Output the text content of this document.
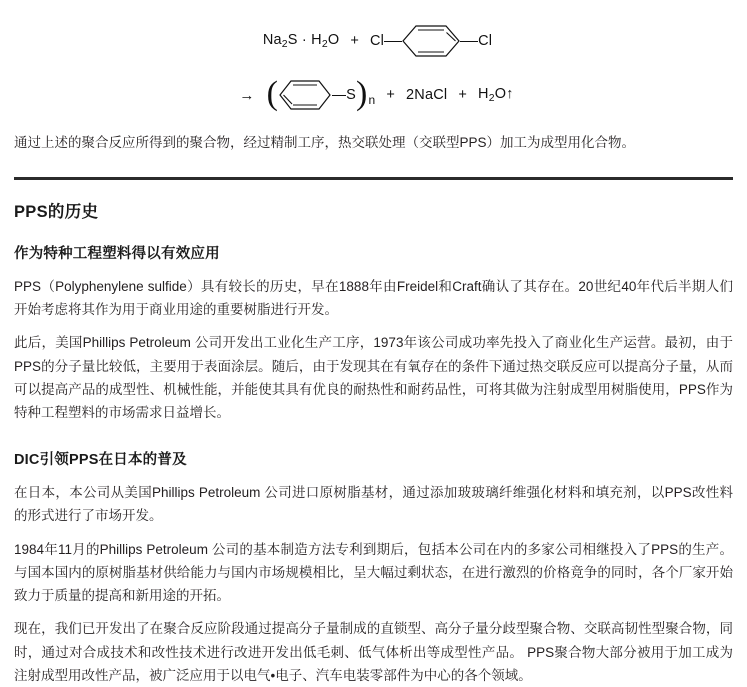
$Na_2S \cdot H_2O + Cl$	Cl
→ (	$S)_n$ + 2NaCl + $H_2O↑$

通过上述的聚合反应所得到的聚合物，经过精制工序，热交联处理（交联型PPS）加工为成型用化合物。

PPS的历史
作为特种工程塑料得以有效应用

PPS（Polyphenylene sulfide）具有较长的历史，早在1888年由Freidel和Craft确认了其存在。20世纪40年代后半期人们开始考虑将其作为用于商业用途的重要树脂进行开发。

此后，美国Phillips Petroleum 公司开发出工业化生产工序，1973年该公司成功率先投入了商业化生产运营。最初，由于PPS的分子量比较低，主要用于表面涂层。随后，由于发现其在有氧存在的条件下通过热交联反应可以提高分子量，从而可以提高产品的成型性、机械性能，并能使其具有优良的耐热性和耐药品性，可将其做为注射成型用树脂使用，PPS作为特种工程塑料的市场需求日益增长。

DIC引领PPS在日本的普及

在日本，本公司从美国Phillips Petroleum 公司进口原树脂基材，通过添加玻玻璃纤维强化材料和填充剂，以PPS改性料的形式进行了市场开发。

1984年11月的Phillips Petroleum 公司的基本制造方法专利到期后，包括本公司在内的多家公司相继投入了PPS的生产。与国本国内的原树脂基材供给能力与国内市场规模相比，呈大幅过剩状态，在进行激烈的价格竟争的同时，各个厂家开始致力于质量的提高和新用途的开拓。

现在，我们已开发出了在聚合反应阶段通过提高分子量制成的直锁型、高分子量分歧型聚合物、交联高韧性型聚合物，同时，通过对合成技术和改性技术进行改进开发出低毛刺、低气体析出等成型性产品。 PPS聚合物大部分被用于加工成为注射成型用改性产品，被广泛应用于以电气•电子、汽车电装零部件为中心的各个领域。
